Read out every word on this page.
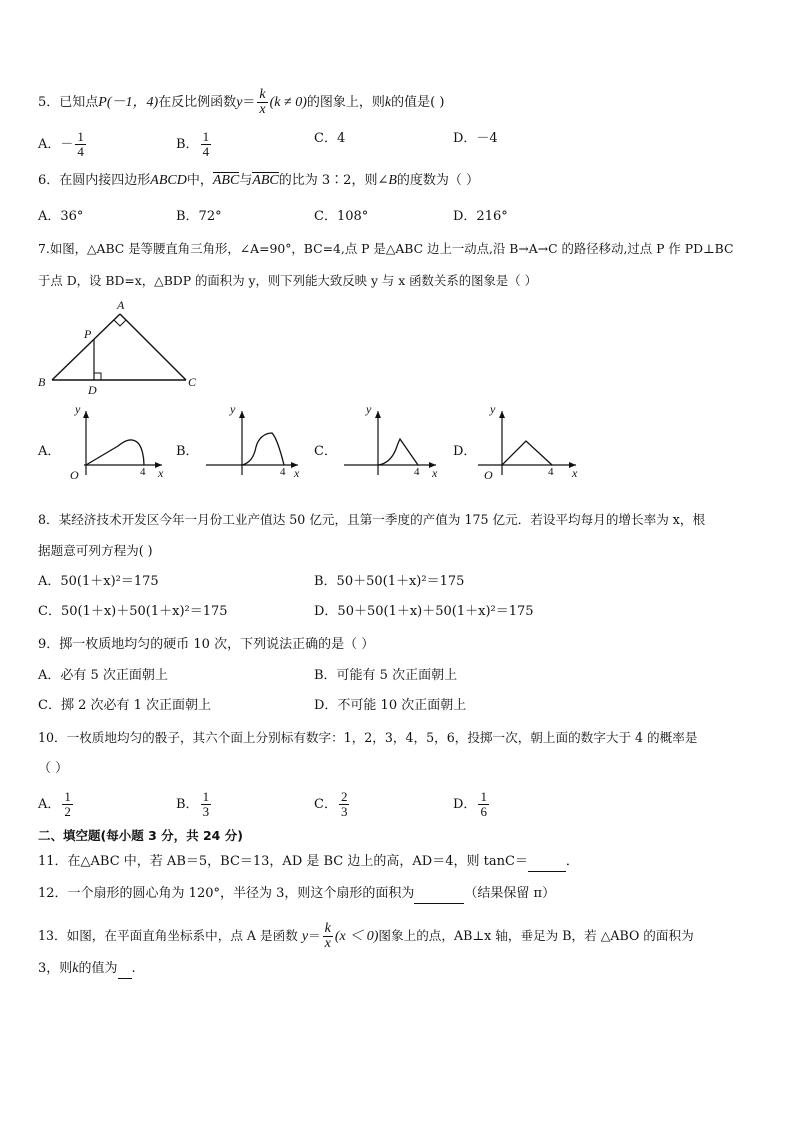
5．已知点P(－1，4)在反比例函数$y= \frac{k}{x} (k \ne 0)$的图象上，则k的值是( )
A．－ $\frac{1}{4}$	B． $\frac{1}{4}$	C．4	D．－4
6．在圆内接四边形ABCD中，ABC与ABC的比为 3∶2，则∠B的度数为（ ）
A．36°	B．72°	C．108°	D．216°
7.如图，△ABC 是等腰直角三角形，∠A=90°，BC=4,点 P 是△ABC 边上一动点,沿 B→A→C 的路径移动,过点 P 作 PD⊥BC
于点 D，设 BD=x，△BDP 的面积为 y，则下列能大致反映 y 与 x 函数关系的图象是（ ）
A
P
B
D
C
A．
y
x
O	4
B．
y
x
4
C．
y
x
4
D．
y
x
O	4
8．某经济技术开发区今年一月份工业产值达 50 亿元，且第一季度的产值为 175 亿元．若设平均每月的增长率为 x，根
据题意可列方程为( )
A．50(1＋x)²＝175	B．50＋50(1＋x)²＝175
C．50(1＋x)＋50(1＋x)²＝175	D．50＋50(1＋x)＋50(1＋x)²＝175
9．掷一枚质地均匀的硬币 10 次，下列说法正确的是（ ）
A．必有 5 次正面朝上	B．可能有 5 次正面朝上
C．掷 2 次必有 1 次正面朝上	D．不可能 10 次正面朝上
10．一枚质地均匀的骰子，其六个面上分别标有数字：1，2，3，4，5，6，投掷一次，朝上面的数字大于 4 的概率是
（ ）
A． $\frac{1}{2}$	B． $\frac{1}{3}$	C． $\frac{2}{3}$	D． $\frac{1}{6}$
二、填空题(每小题 3 分，共 24 分)
11．在△ABC 中，若 AB＝5，BC＝13，AD 是 BC 边上的高，AD＝4，则 tanC＝	．
12．一个扇形的圆心角为 120°，半径为 3，则这个扇形的面积为	（结果保留 π）
13．如图，在平面直角坐标系中，点 A 是函数 $y= \frac{k}{x} (x < 0)$图象上的点，AB⊥x 轴，垂足为 B，若 △ABO 的面积为
3，则k的值为 .
